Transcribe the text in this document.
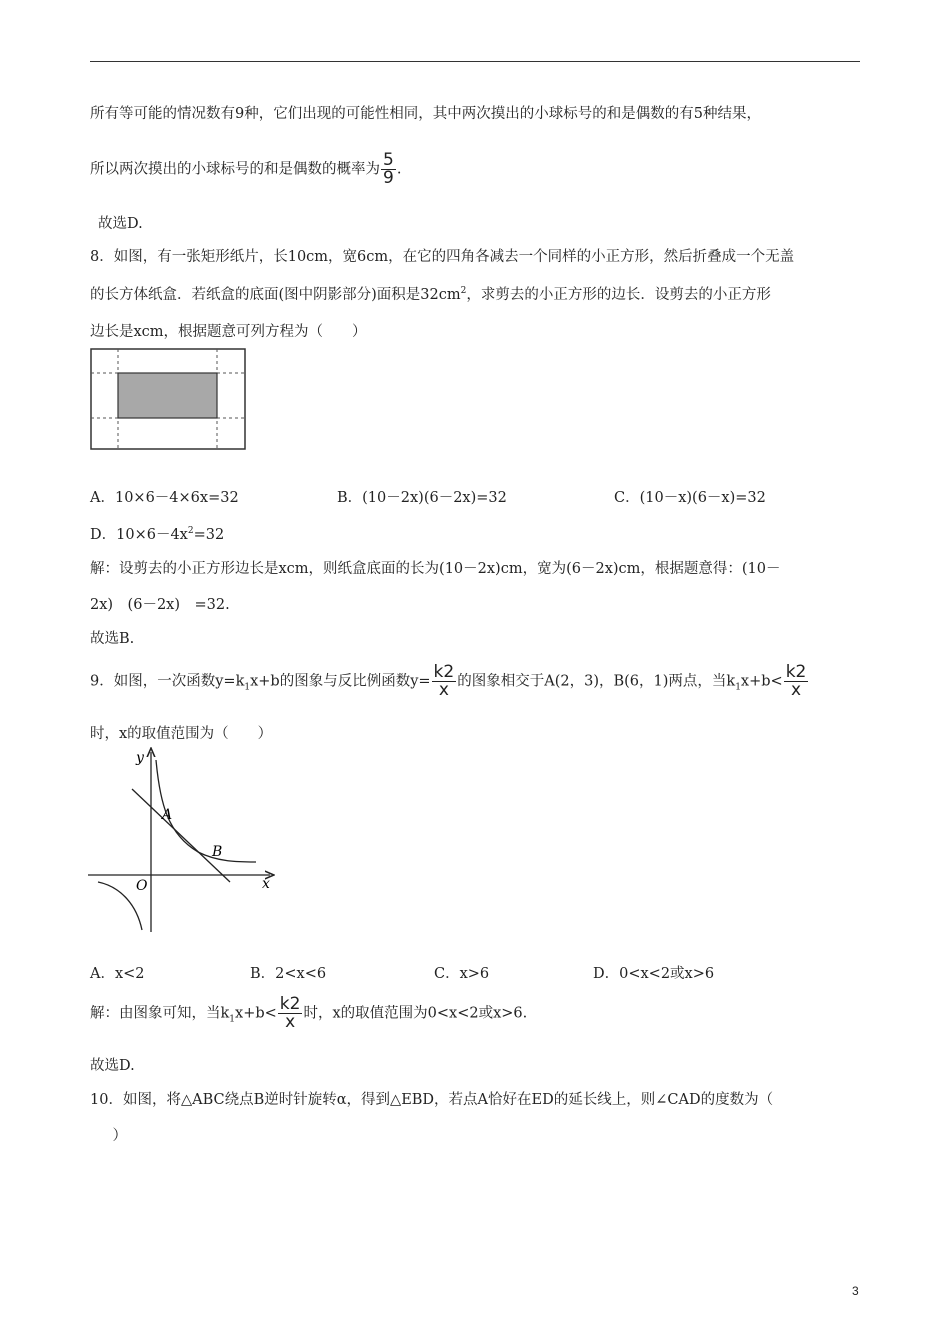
所有等可能的情况数有9种，它们出现的可能性相同，其中两次摸出的小球标号的和是偶数的有5种结果，
所以两次摸出的小球标号的和是偶数的概率为 $\frac{5}{9}$ .
故选D.
8．如图，有一张矩形纸片，长10cm，宽6cm，在它的四角各减去一个同样的小正方形，然后折叠成一个无盖
的长方体纸盒．若纸盒的底面(图中阴影部分)面积是$32cm^2$，求剪去的小正方形的边长．设剪去的小正方形
边长是xcm，根据题意可列方程为（　　）
A．10×6－4×6x=32	B．(10－2x)(6－2x)=32	C．(10－x)(6－x)=32
D．$10\times 6-4x^2=32$
解：设剪去的小正方形边长是xcm，则纸盒底面的长为(10－2x)cm，宽为(6－2x)cm，根据题意得：(10－
2x)　(6－2x)　=32.
故选B.
9．如图，一次函数$y=k_1x+b$的图象与反比例函数$y= \frac{k2}{x}$ 的图象相交于A(2，3)，B(6，1)两点，当$k_1x+b< \frac{k2}{x}$
时，x的取值范围为（　　）
y
x
O
A
B
A．x<2	B．2<x<6	C．x>6	D．0<x<2或x>6
解：由图象可知，当$k_1x+b< \frac{k2}{x}$ 时，x的取值范围为0<x<2或x>6.
故选D.
10．如图，将△ABC绕点B逆时针旋转α，得到△EBD，若点A恰好在ED的延长线上，则∠CAD的度数为（
　）
3
